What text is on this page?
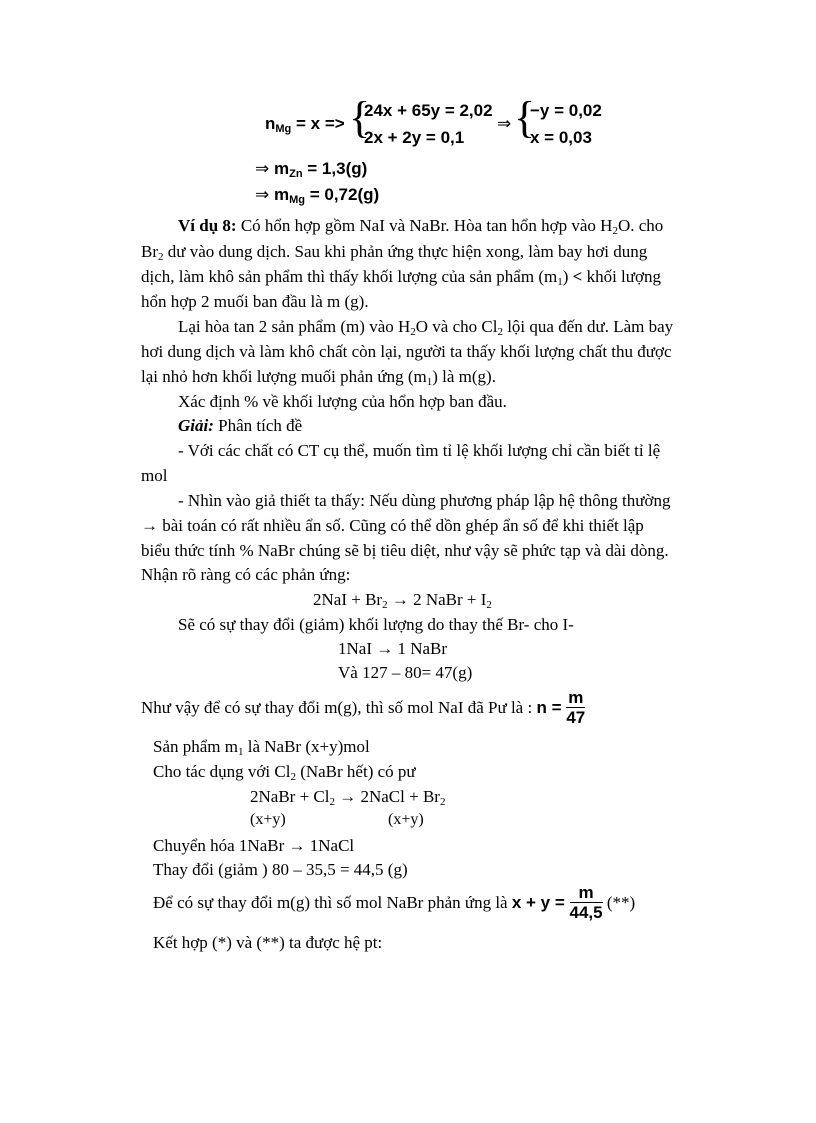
$n_{Mg} = x$ => {
24x + 65y = 2,02
2x + 2y = 0,1
⇒ {
−y = 0,02
x = 0,03
⇒ $m_{Zn} = 1,3(g)$
⇒ $m_{Mg} = 0,72(g)$
Ví dụ 8: Có hổn hợp gồm NaI và NaBr. Hòa tan hổn hợp vào $H_2O$. cho
$Br_2$ dư vào dung dịch. Sau khi phản ứng thực hiện xong, làm bay hơi dung
dịch, làm khô sản phẩm thì thấy khối lượng của sản phẩm $(m_1)$ < khối lượng
hổn hợp 2 muối ban đầu là m (g).
Lại hòa tan 2 sản phẩm (m) vào $H_2O$ và cho $Cl_2$ lội qua đến dư. Làm bay
hơi dung dịch và làm khô chất còn lại, người ta thấy khối lượng chất thu được
lại nhỏ hơn khối lượng muối phản ứng $(m_1)$ là m(g).
Xác định % về khối lượng của hổn hợp ban đầu.
Giải: Phân tích đề
- Với các chất có CT cụ thể, muốn tìm tỉ lệ khối lượng chỉ cần biết tỉ lệ
mol
- Nhìn vào giả thiết ta thấy: Nếu dùng phương pháp lập hệ thông thường
→ bài toán có rất nhiều ẩn số. Cũng có thể dồn ghép ẩn số để khi thiết lập
biểu thức tính % NaBr chúng sẽ bị tiêu diệt, như vậy sẽ phức tạp và dài dòng.
Nhận rõ ràng có các phản ứng:
$2NaI + Br_2 \to 2$ NaBr + $I_2$
Sẽ có sự thay đổi (giảm) khối lượng do thay thế Br- cho I-
1NaI → 1 NaBr
Và 127 – 80= 47(g)
Như vậy để có sự thay đổi m(g), thì số mol NaI đã Pư là : $n = \frac{m}{47}$
Sản phẩm $m_1$ là NaBr (x+y)mol
Cho tác dụng với $Cl_2$ (NaBr hết) có pư
2NaBr + $Cl_2$ → 2NaCl + $Br_2$
(x+y)	(x+y)
Chuyển hóa 1NaBr → 1NaCl
Thay đổi (giảm ) 80 – 35,5 = 44,5 (g)
Để có sự thay đổi m(g) thì số mol NaBr phản ứng là $x + y = \frac{m}{44,5}$ (**)
Kết hợp (*) và (**) ta được hệ pt:
